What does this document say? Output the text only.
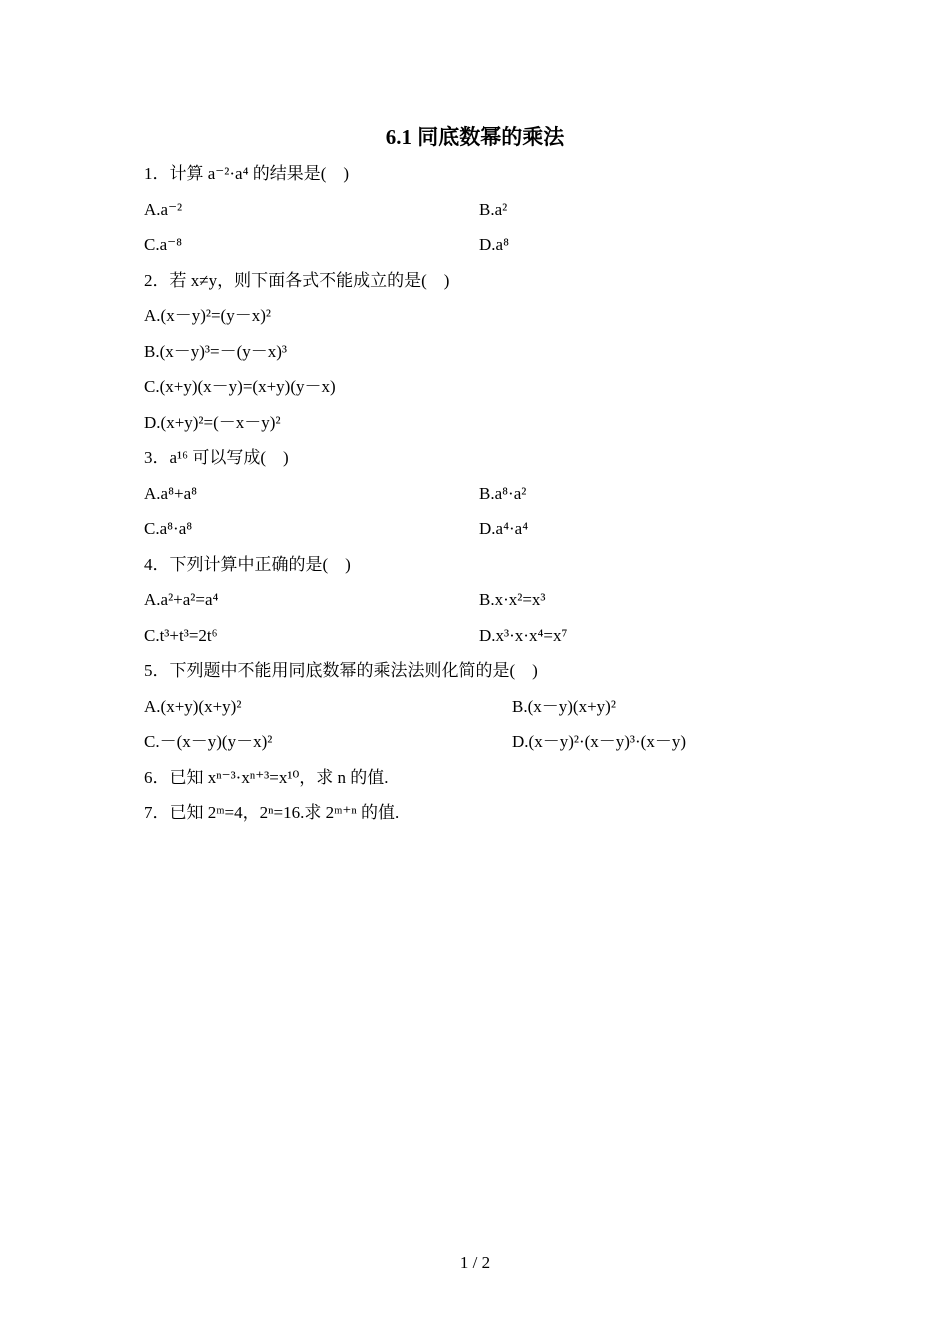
6.1 同底数幂的乘法
1．计算 a⁻²·a⁴ 的结果是(　)
A.a⁻²	B.a²
C.a⁻⁸	D.a⁸
2．若 x≠y，则下面各式不能成立的是(　)
A.(x－y)²=(y－x)²
B.(x－y)³=－(y－x)³
C.(x+y)(x－y)=(x+y)(y－x)
D.(x+y)²=(－x－y)²
3．a¹⁶ 可以写成(　)
A.a⁸+a⁸	B.a⁸·a²
C.a⁸·a⁸	D.a⁴·a⁴
4．下列计算中正确的是(　)
A.a²+a²=a⁴	B.x·x²=x³
C.t³+t³=2t⁶	D.x³·x·x⁴=x⁷
5．下列题中不能用同底数幂的乘法法则化简的是(　)
A.(x+y)(x+y)²	B.(x－y)(x+y)²
C.－(x－y)(y－x)²	D.(x－y)²·(x－y)³·(x－y)
6．已知 xⁿ⁻³·xⁿ⁺³=x¹⁰，求 n 的值.
7．已知 2ᵐ=4，2ⁿ=16.求 2ᵐ⁺ⁿ 的值.
1 / 2
